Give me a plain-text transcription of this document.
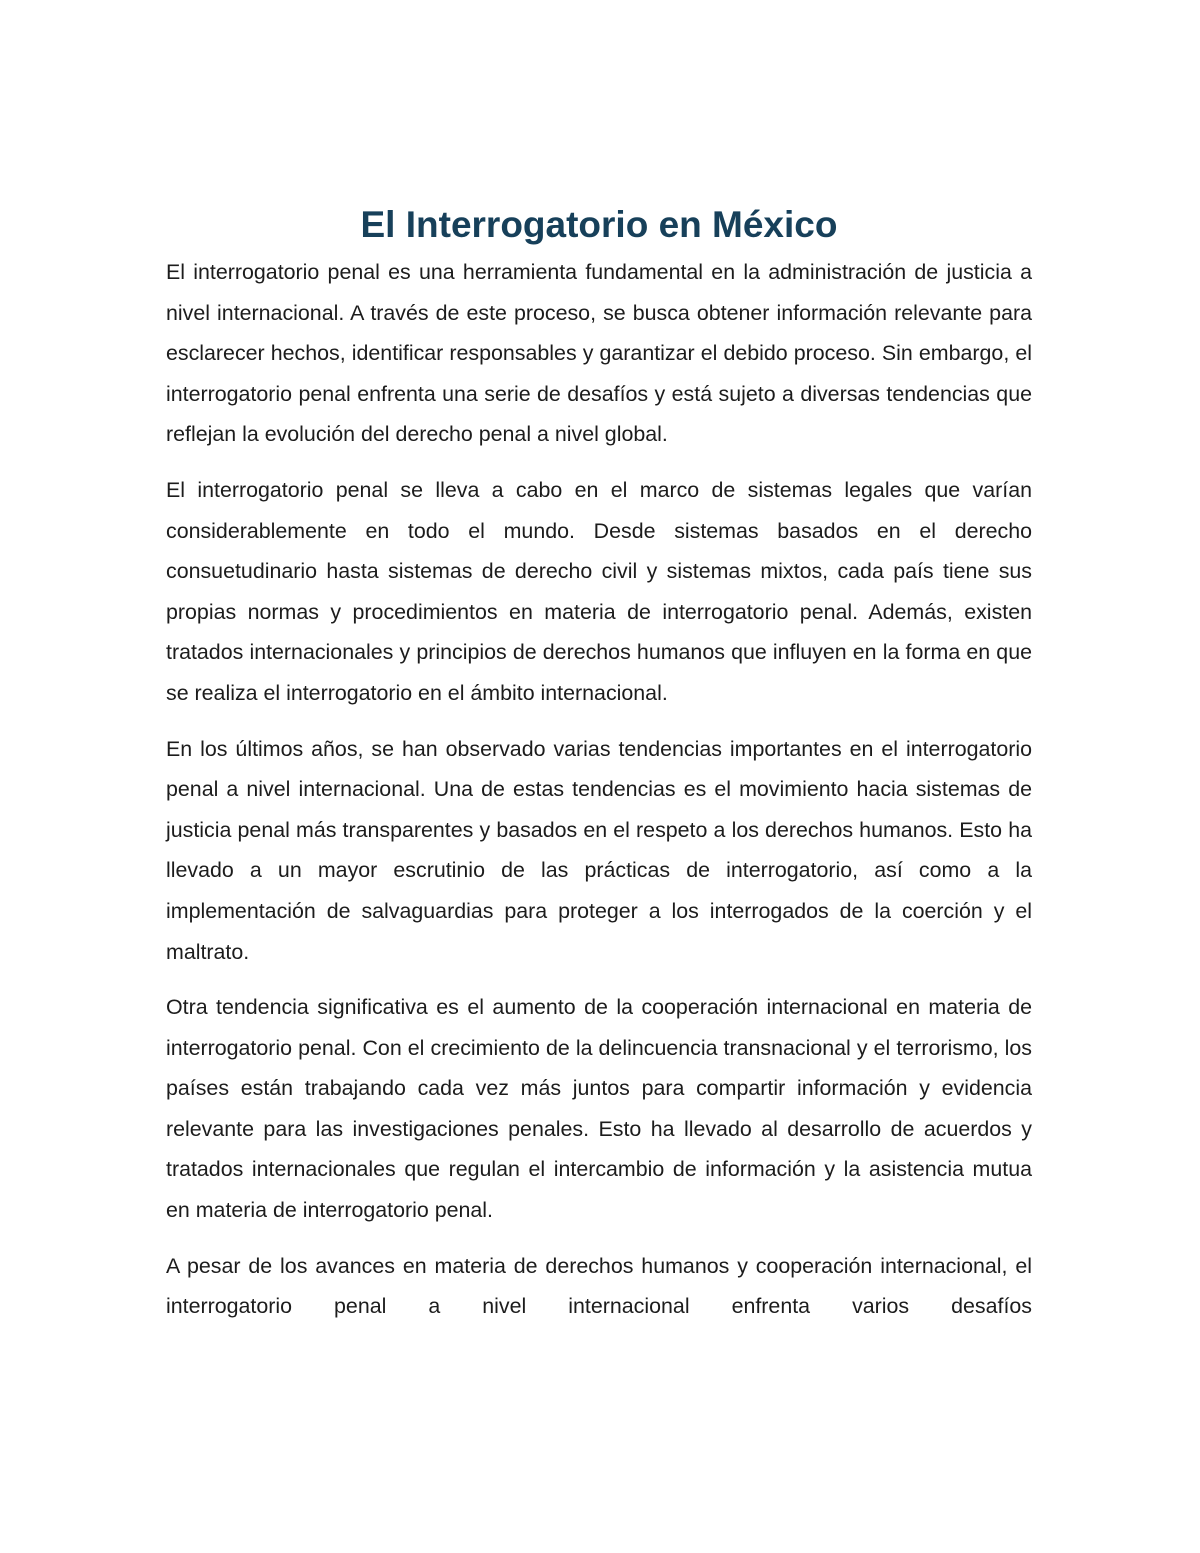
El Interrogatorio en México

El interrogatorio penal es una herramienta fundamental en la administración de justicia a nivel internacional. A través de este proceso, se busca obtener información relevante para esclarecer hechos, identificar responsables y garantizar el debido proceso. Sin embargo, el interrogatorio penal enfrenta una serie de desafíos y está sujeto a diversas tendencias que reflejan la evolución del derecho penal a nivel global.

El interrogatorio penal se lleva a cabo en el marco de sistemas legales que varían considerablemente en todo el mundo. Desde sistemas basados en el derecho consuetudinario hasta sistemas de derecho civil y sistemas mixtos, cada país tiene sus propias normas y procedimientos en materia de interrogatorio penal. Además, existen tratados internacionales y principios de derechos humanos que influyen en la forma en que se realiza el interrogatorio en el ámbito internacional.

En los últimos años, se han observado varias tendencias importantes en el interrogatorio penal a nivel internacional. Una de estas tendencias es el movimiento hacia sistemas de justicia penal más transparentes y basados en el respeto a los derechos humanos. Esto ha llevado a un mayor escrutinio de las prácticas de interrogatorio, así como a la implementación de salvaguardias para proteger a los interrogados de la coerción y el maltrato.

Otra tendencia significativa es el aumento de la cooperación internacional en materia de interrogatorio penal. Con el crecimiento de la delincuencia transnacional y el terrorismo, los países están trabajando cada vez más juntos para compartir información y evidencia relevante para las investigaciones penales. Esto ha llevado al desarrollo de acuerdos y tratados internacionales que regulan el intercambio de información y la asistencia mutua en materia de interrogatorio penal.

A pesar de los avances en materia de derechos humanos y cooperación internacional, el interrogatorio penal a nivel internacional enfrenta varios desafíos
